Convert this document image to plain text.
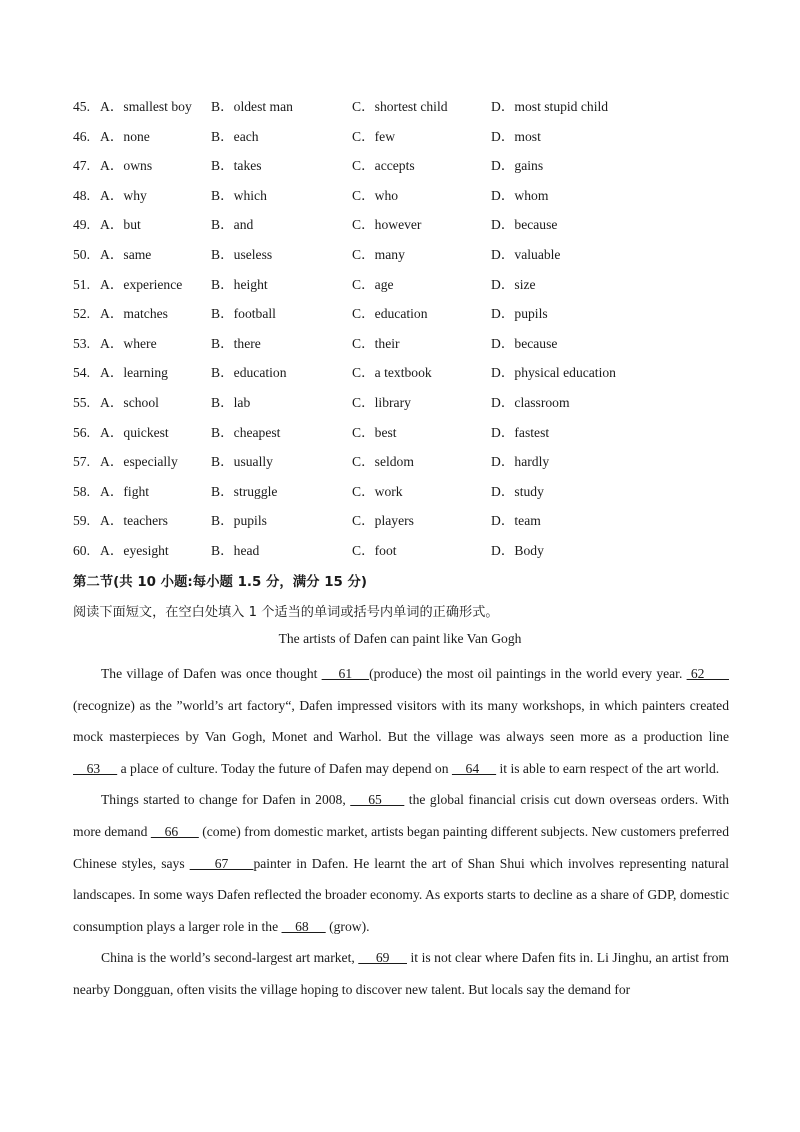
45. A．smallest boy B．oldest man	C．shortest child	D．most stupid child
46. A．none	B．each	C．few	D．most
47. A．owns	B．takes	C．accepts	D．gains
48. A．why	B．which	C．who	D．whom
49. A．but	B．and	C．however	D．because
50. A．same	B．useless	C．many	D．valuable
51. A．experience B．height	C．age	D．size
52. A．matches	B．football	C．education	D．pupils
53. A．where	B．there	C．their	D．because
54. A．learning	B．education	C．a textbook	D．physical education
55. A．school	B．lab	C．library	D．classroom
56. A．quickest	B．cheapest	C．best	D．fastest
57. A．especially B．usually	C．seldom	D．hardly
58. A．fight	B．struggle	C．work	D．study
59. A．teachers	B．pupils	C．players	D．team
60. A．eyesight	B．head	C．foot	D．Body
第二节(共 10 小题:每小题 1.5 分，满分 15 分)
阅读下面短文，在空白处填入 1 个适当的单词或括号内单词的正确形式。
The artists of Dafen can paint like Van Gogh

The village of Dafen was once thought     61    (produce) the most oil paintings in the world every year.  62       (recognize) as the ”world’s art factory“, Dafen impressed visitors with its many workshops, in which painters created mock masterpieces by Van Gogh, Monet and Warhol. But the village was always seen more as a production line     63      a place of culture. Today the future of Dafen may depend on     64      it is able to earn respect of the art world.

Things started to change for Dafen in 2008,     65      the global financial crisis cut down overseas orders. With more demand     66       (come) from domestic market, artists began painting different subjects. New customers preferred Chinese styles, says      67     painter in Dafen. He learnt the art of Shan Shui which involves representing natural landscapes. In some ways Dafen reflected the broader economy. As exports starts to decline as a share of GDP, domestic consumption plays a larger role in the     68      (grow).

China is the world’s second-largest art market,      69      it is not clear where Dafen fits in. Li Jinghu, an artist from nearby Dongguan, often visits the village hoping to discover new talent. But locals say the demand for
